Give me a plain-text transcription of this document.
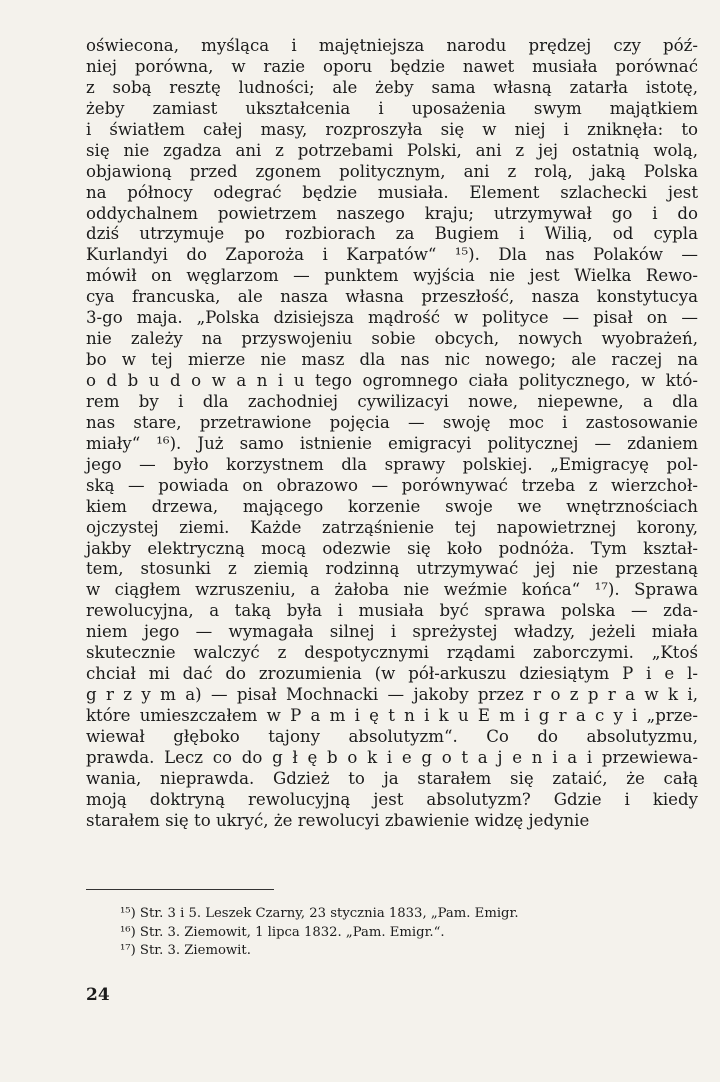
oświecona, myśląca i majętniejsza narodu prędzej czy póź-
niej porówna, w razie oporu będzie nawet musiała porównać
z sobą resztę ludności; ale żeby sama własną zatarła istotę,
żeby zamiast ukształcenia i uposażenia swym majątkiem
i światłem całej masy, rozproszyła się w niej i zniknęła: to
się nie zgadza ani z potrzebami Polski, ani z jej ostatnią wolą,
objawioną przed zgonem politycznym, ani z rolą, jaką Polska
na północy odegrać będzie musiała. Element szlachecki jest
oddychalnem powietrzem naszego kraju; utrzymywał go i do
dziś utrzymuje po rozbiorach za Bugiem i Wilią, od cypla
Kurlandyi do Zaporoża i Karpatów“ ¹⁵). Dla nas Polaków —
mówił on węglarzom — punktem wyjścia nie jest Wielka Rewo-
cya francuska, ale nasza własna przeszłość, nasza konstytucya
3-go maja. „Polska dzisiejsza mądrość w polityce — pisał on —
nie zależy na przyswojeniu sobie obcych, nowych wyobrażeń,
bo w tej mierze nie masz dla nas nic nowego; ale raczej na
o d b u d o w a n i u tego ogromnego ciała politycznego, w któ-
rem by i dla zachodniej cywilizacyi nowe, niepewne, a dla
nas stare, przetrawione pojęcia — swoję moc i zastosowanie
miały“ ¹⁶). Już samo istnienie emigracyi politycznej — zdaniem
jego — było korzystnem dla sprawy polskiej. „Emigracyę pol-
ską — powiada on obrazowo — porównywać trzeba z wierzchoł-
kiem drzewa, mającego korzenie swoje we wnętrznościach
ojczystej ziemi. Każde zatrząśnienie tej napowietrznej korony,
jakby elektryczną mocą odezwie się koło podnóża. Tym kształ-
tem, stosunki z ziemią rodzinną utrzymywać jej nie przestaną
w ciągłem wzruszeniu, a żałoba nie weźmie końca“ ¹⁷). Sprawa
rewolucyjna, a taką była i musiała być sprawa polska — zda-
niem jego — wymagała silnej i spreżystej władzy, jeżeli miała
skutecznie walczyć z despotycznymi rządami zaborczymi. „Ktoś
chciał mi dać do zrozumienia (w pół-arkuszu dziesiątym P i e l-
g r z y m a) — pisał Mochnacki — jakoby przez r o z p r a w k i,
które umieszczałem w P a m i ę t n i k u E m i g r a c y i „prze-
wiewał głęboko tajony absolutyzm“. Co do absolutyzmu,
prawda. Lecz co do g ł ę b o k i e g o t a j e n i a i przewiewa-
wania, nieprawda. Gdzież to ja starałem się zataić, że całą
moją doktryną rewolucyjną jest absolutyzm? Gdzie i kiedy
starałem się to ukryć, że rewolucyi zbawienie widzę jedynie
¹⁵) Str. 3 i 5. Leszek Czarny, 23 stycznia 1833, „Pam. Emigr.
¹⁶) Str. 3. Ziemowit, 1 lipca 1832. „Pam. Emigr.“.
¹⁷) Str. 3. Ziemowit.
24
